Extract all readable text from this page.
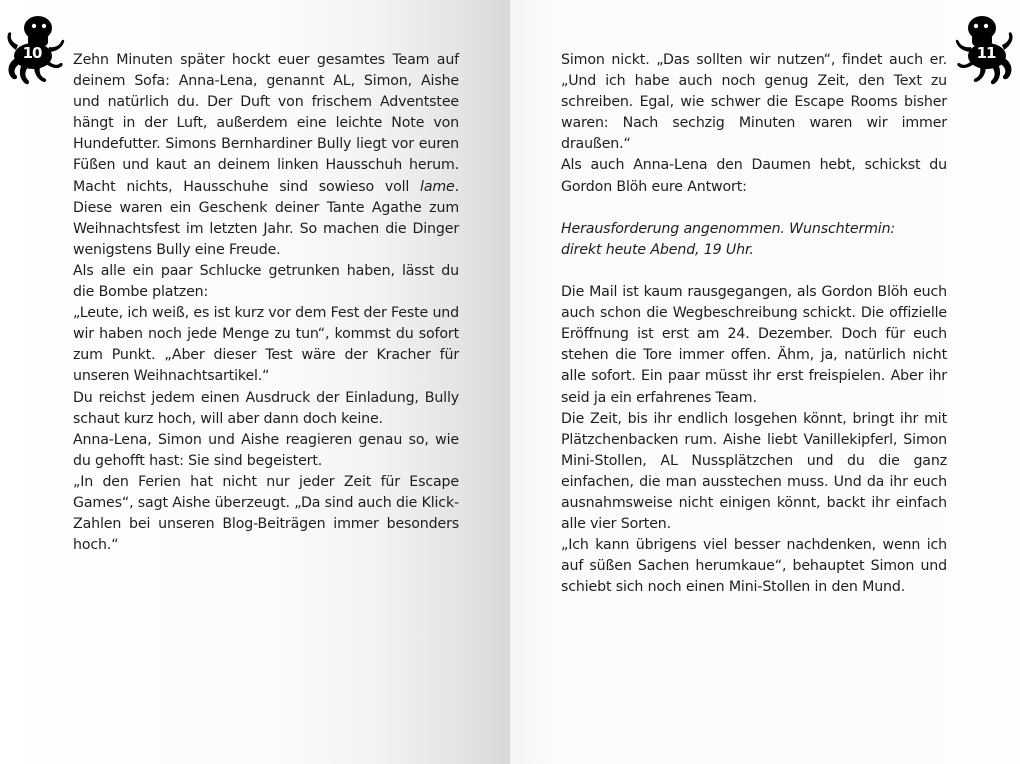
10	Zehn Minuten später hockt euer gesamtes Team auf deinem Sofa: Anna-Lena, genannt AL, Simon, Aishe und natürlich du. Der Duft von frischem Adventstee hängt in der Luft, außerdem eine leichte Note von Hundefutter. Simons Bernhardiner Bully liegt vor euren Füßen und kaut an deinem linken Hausschuh herum. Macht nichts, Hausschuhe sind sowieso voll lame. Diese waren ein Geschenk deiner Tante Agathe zum Weihnachtsfest im letzten Jahr. So machen die Dinger wenigstens Bully eine Freude.

Als alle ein paar Schlucke getrunken haben, lässt du die Bombe platzen:

„Leute, ich weiß, es ist kurz vor dem Fest der Feste und wir haben noch jede Menge zu tun“, kommst du sofort zum Punkt. „Aber dieser Test wäre der Kracher für unseren Weihnachtsartikel.“

Du reichst jedem einen Ausdruck der Einladung, Bully schaut kurz hoch, will aber dann doch keine.

Anna-Lena, Simon und Aishe reagieren genau so, wie du gehofft hast: Sie sind begeistert.

„In den Ferien hat nicht nur jeder Zeit für Escape Games“, sagt Aishe überzeugt. „Da sind auch die Klick-Zahlen bei unseren Blog-Beiträgen immer besonders hoch.“

11

Simon nickt. „Das sollten wir nutzen“, findet auch er. „Und ich habe auch noch genug Zeit, den Text zu schreiben. Egal, wie schwer die Escape Rooms bisher waren: Nach sechzig Minuten waren wir immer draußen.“

Als auch Anna-Lena den Daumen hebt, schickst du Gordon Blöh eure Antwort:

Herausforderung angenommen. Wunschtermin:

direkt heute Abend, 19 Uhr.

Die Mail ist kaum rausgegangen, als Gordon Blöh euch auch schon die Wegbeschreibung schickt. Die offizielle Eröffnung ist erst am 24. Dezember. Doch für euch stehen die Tore immer offen. Ähm, ja, natürlich nicht alle sofort. Ein paar müsst ihr erst freispielen. Aber ihr seid ja ein erfahrenes Team.

Die Zeit, bis ihr endlich losgehen könnt, bringt ihr mit Plätzchenbacken rum. Aishe liebt Vanillekipferl, Simon Mini-Stollen, AL Nussplätzchen und du die ganz einfachen, die man ausstechen muss. Und da ihr euch ausnahmsweise nicht einigen könnt, backt ihr einfach alle vier Sorten.

„Ich kann übrigens viel besser nachdenken, wenn ich auf süßen Sachen herumkaue“, behauptet Simon und schiebt sich noch einen Mini-Stollen in den Mund.
